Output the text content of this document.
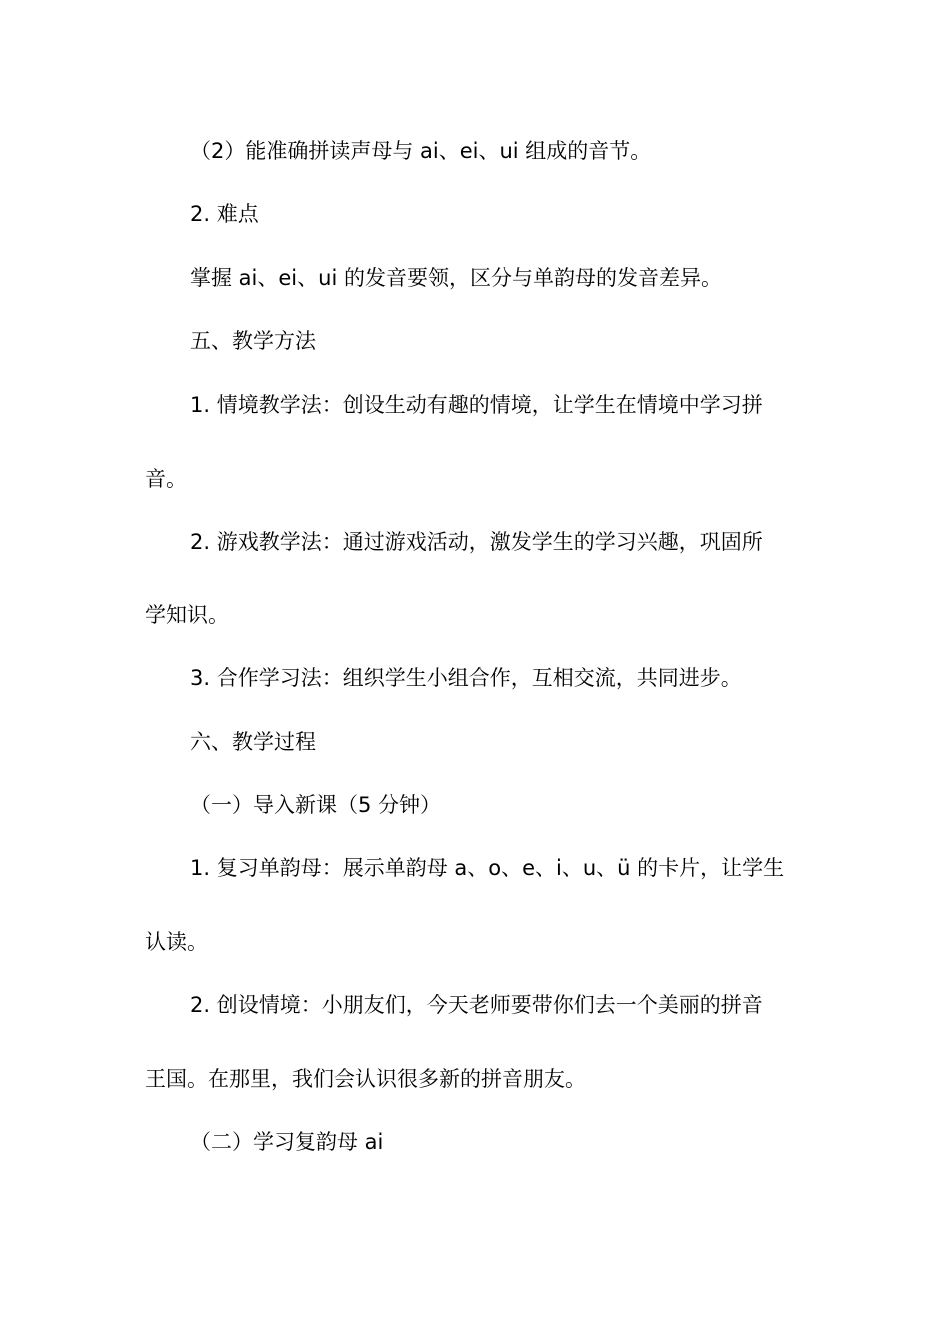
（2）能准确拼读声母与 ai、ei、ui 组成的音节。

2. 难点

掌握 ai、ei、ui 的发音要领，区分与单韵母的发音差异。

五、教学方法

1. 情境教学法：创设生动有趣的情境，让学生在情境中学习拼

音。

2. 游戏教学法：通过游戏活动，激发学生的学习兴趣，巩固所

学知识。

3. 合作学习法：组织学生小组合作，互相交流，共同进步。

六、教学过程

（一）导入新课（5 分钟）

1. 复习单韵母：展示单韵母 a、o、e、i、u、ü 的卡片，让学生

认读。

2. 创设情境：小朋友们，今天老师要带你们去一个美丽的拼音

王国。在那里，我们会认识很多新的拼音朋友。

（二）学习复韵母 ai
